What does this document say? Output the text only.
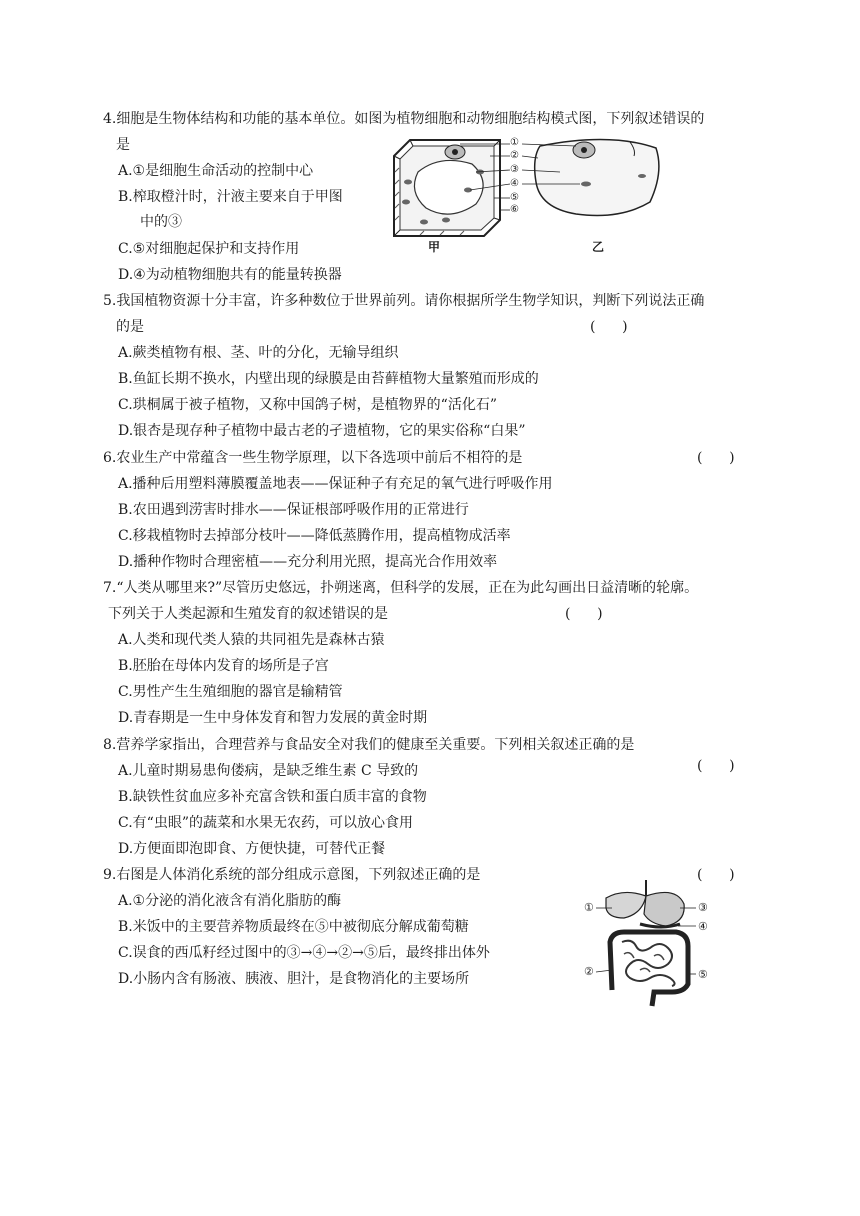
4.细胞是生物体结构和功能的基本单位。如图为植物细胞和动物细胞结构模式图，下列叙述错误的
是
A.①是细胞生命活动的控制中心
B.榨取橙汁时，汁液主要来自于甲图
中的③
C.⑤对细胞起保护和支持作用
D.④为动植物细胞共有的能量转换器
①
②
③
④
⑤
⑥
甲	乙
5.我国植物资源十分丰富，许多种数位于世界前列。请你根据所学生物学知识，判断下列说法正确
的是	(      )
A.蕨类植物有根、茎、叶的分化，无输导组织
B.鱼缸长期不换水，内壁出现的绿膜是由苔藓植物大量繁殖而形成的
C.珙桐属于被子植物，又称中国鸽子树，是植物界的“活化石”
D.银杏是现存种子植物中最古老的孑遗植物，它的果实俗称“白果”
6.农业生产中常蕴含一些生物学原理，以下各选项中前后不相符的是	(      )
A.播种后用塑料薄膜覆盖地表——保证种子有充足的氧气进行呼吸作用
B.农田遇到涝害时排水——保证根部呼吸作用的正常进行
C.移栽植物时去掉部分枝叶——降低蒸腾作用，提高植物成活率
D.播种作物时合理密植——充分利用光照，提高光合作用效率
7.“人类从哪里来?”尽管历史悠远，扑朔迷离，但科学的发展，正在为此勾画出日益清晰的轮廓。
下列关于人类起源和生殖发育的叙述错误的是	(      )
A.人类和现代类人猿的共同祖先是森林古猿
B.胚胎在母体内发育的场所是子宫
C.男性产生生殖细胞的器官是输精管
D.青春期是一生中身体发育和智力发展的黄金时期
8.营养学家指出，合理营养与食品安全对我们的健康至关重要。下列相关叙述正确的是
(      )
A.儿童时期易患佝偻病，是缺乏维生素 C 导致的
B.缺铁性贫血应多补充富含铁和蛋白质丰富的食物
C.有“虫眼”的蔬菜和水果无农药，可以放心食用
D.方便面即泡即食、方便快捷，可替代正餐
9.右图是人体消化系统的部分组成示意图，下列叙述正确的是	(      )
A.①分泌的消化液含有消化脂肪的酶
B.米饭中的主要营养物质最终在⑤中被彻底分解成葡萄糖
C.误食的西瓜籽经过图中的③→④→②→⑤后，最终排出体外
D.小肠内含有肠液、胰液、胆汁，是食物消化的主要场所
①
②
③
④
⑤
